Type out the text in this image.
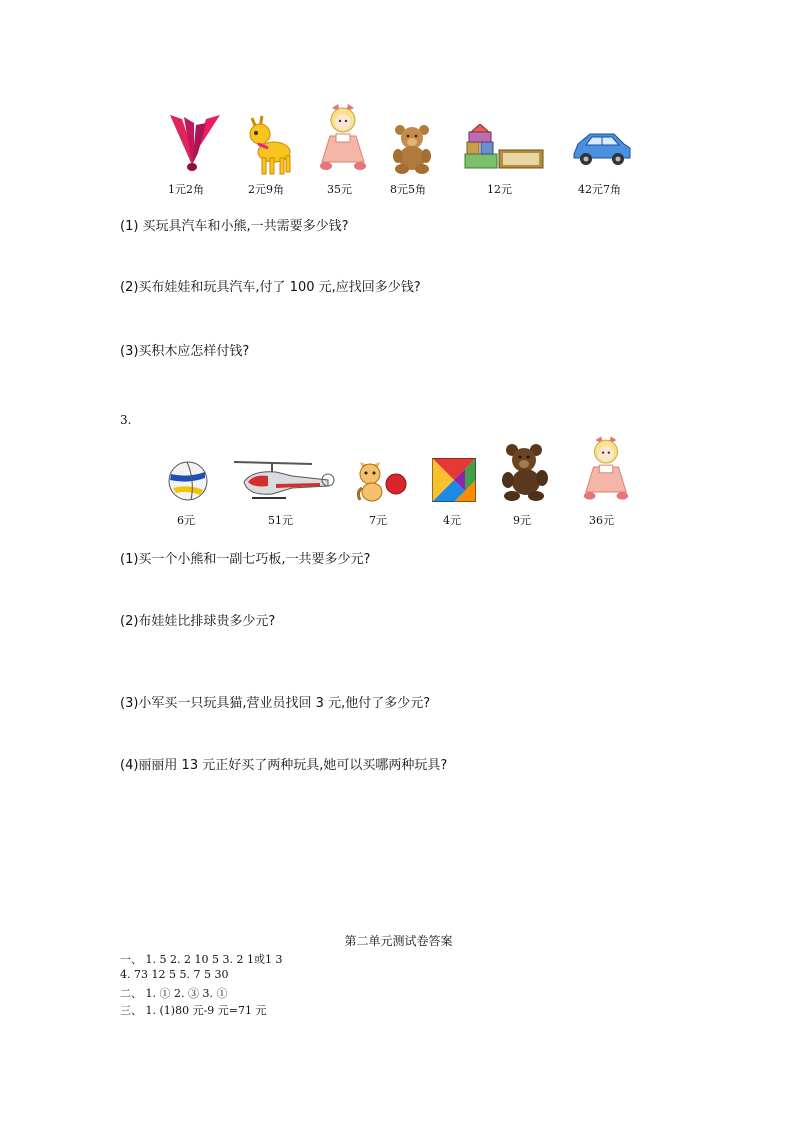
1元2角	2元9角	35元	8元5角	12元	42元7角
(1) 买玩具汽车和小熊,一共需要多少钱?
(2)买布娃娃和玩具汽车,付了 100 元,应找回多少钱?
(3)买积木应怎样付钱?
3.
6元	51元	7元	4元	9元	36元
(1)买一个小熊和一副七巧板,一共要多少元?
(2)布娃娃比排球贵多少元?
(3)小军买一只玩具猫,营业员找回 3 元,他付了多少元?
(4)丽丽用 13 元正好买了两种玩具,她可以买哪两种玩具?
第二单元测试卷答案
一、 1. 5 2. 2 10 5 3. 2 1或1 3
4. 73 12 5 5. 7 5 30
二、 1. ① 2. ③ 3. ①
三、 1. (1)80 元-9 元=71 元
